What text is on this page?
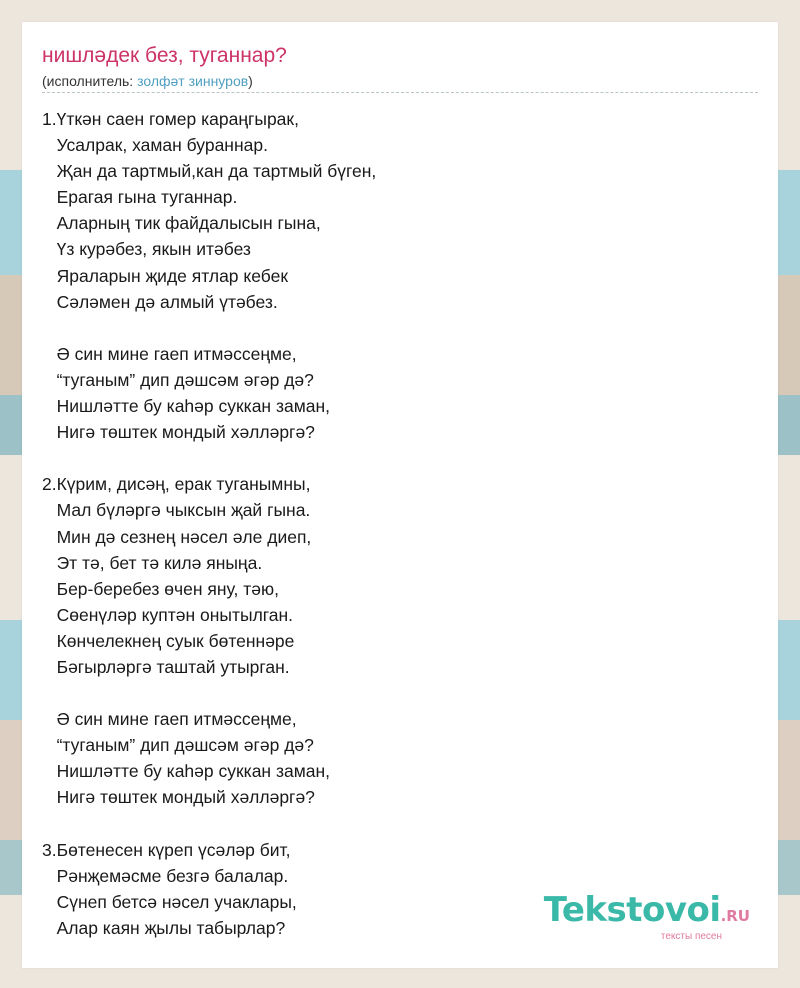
нишләдек без, туганнар?
(исполнитель: золфәт зиннуров)
1.Үткән саен гомер караңгырак,
Усалрак, хаман бураннар.
Җан да тартмый,кан да тартмый бүген,
Ерагая гына туганнар.
Аларның тик файдалысын гына,
Үз курәбез, якын итәбез
Яраларын җиде ятлар кебек
Сәләмен дә алмый үтәбез.
Ә син мине гаеп итмәссеңме,
“туганым” дип дәшсәм әгәр дә?
Нишләтте бу каһәр суккан заман,
Нигә төштек мондый хәлләргә?
2.Күрим, дисәң, ерак туганымны,
Мал бүләргә чыксын җай гына.
Мин дә сезнең нәсел әле диеп,
Эт тә, бет тә килә яныңа.
Бер-беребез өчен яну, тәю,
Сөенүләр куптән онытылган.
Көнчелекнең суык бөтеннәре
Бәгырләргә таштай утырган.
Ә син мине гаеп итмәссеңме,
“туганым” дип дәшсәм әгәр дә?
Нишләтте бу каһәр суккан заман,
Нигә төштек мондый хәлләргә?
3.Бөтенесен күреп үсәләр бит,
Рәнҗемәсме безгә балалар.
Сүнеп бетсә нәсел учаклары,
Алар каян җылы табырлар?	Tekstovoi.RU
тексты песен
